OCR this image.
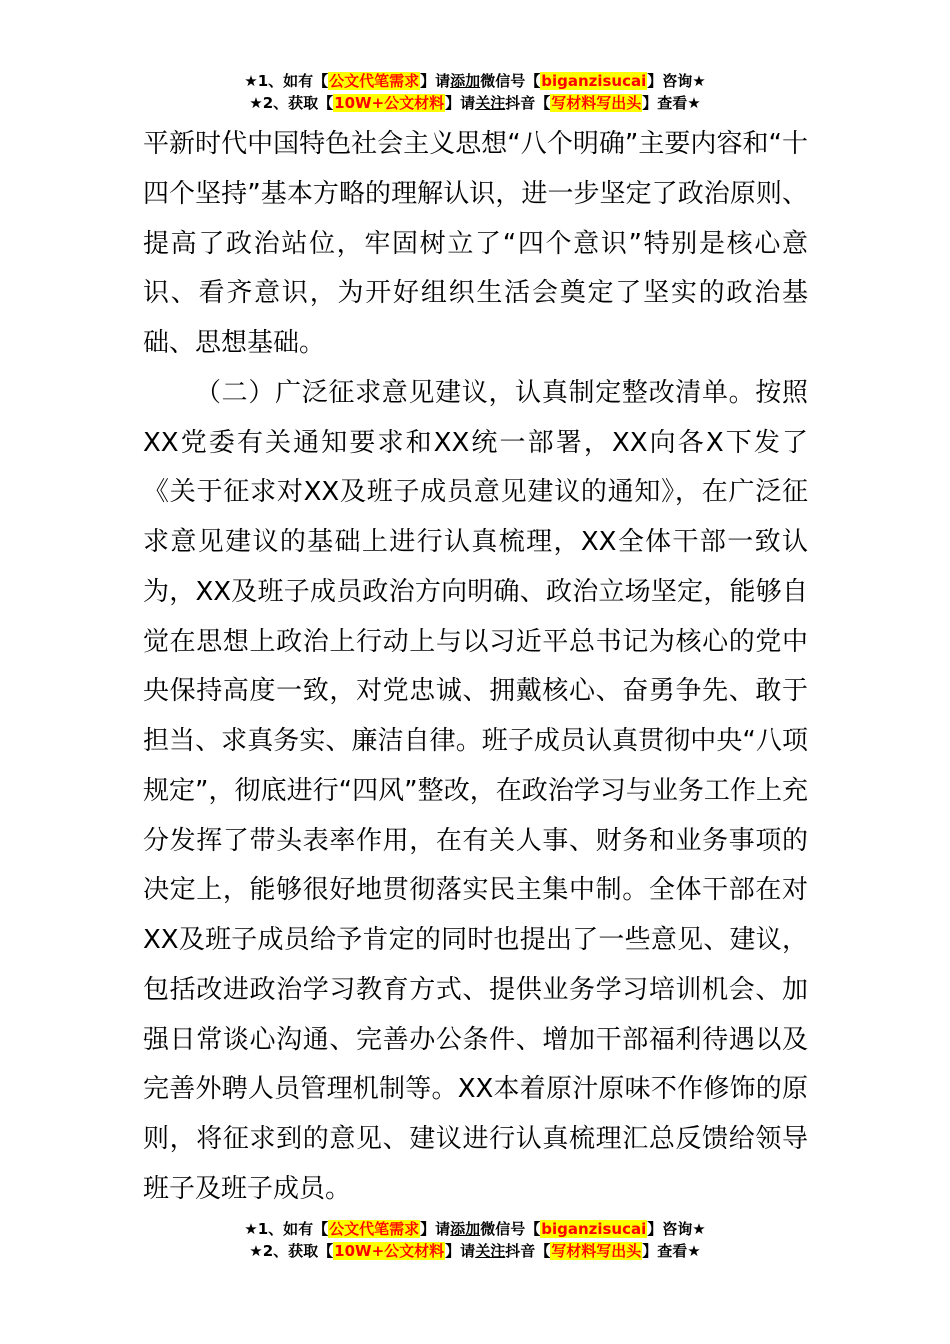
★1、如有【公文代笔需求】请添加微信号【biganzisucai】咨询★
★2、获取【10W+公文材料】请关注抖音【写材料写出头】查看★

平新时代中国特色社会主义思想“八个明确”主要内容和“十四个坚持”基本方略的理解认识，进一步坚定了政治原则、提高了政治站位，牢固树立了“四个意识”特别是核心意识、看齐意识，为开好组织生活会奠定了坚实的政治基础、思想基础。

（二）广泛征求意见建议，认真制定整改清单。按照XX党委有关通知要求和XX统一部署，XX向各X下发了《关于征求对XX及班子成员意见建议的通知》，在广泛征求意见建议的基础上进行认真梳理，XX全体干部一致认为，XX及班子成员政治方向明确、政治立场坚定，能够自觉在思想上政治上行动上与以习近平总书记为核心的党中央保持高度一致，对党忠诚、拥戴核心、奋勇争先、敢于担当、求真务实、廉洁自律。班子成员认真贯彻中央“八项规定”，彻底进行“四风”整改，在政治学习与业务工作上充分发挥了带头表率作用，在有关人事、财务和业务事项的决定上，能够很好地贯彻落实民主集中制。全体干部在对XX及班子成员给予肯定的同时也提出了一些意见、建议，包括改进政治学习教育方式、提供业务学习培训机会、加强日常谈心沟通、完善办公条件、增加干部福利待遇以及完善外聘人员管理机制等。XX本着原汁原味不作修饰的原则，将征求到的意见、建议进行认真梳理汇总反馈给领导班子及班子成员。

★1、如有【公文代笔需求】请添加微信号【biganzisucai】咨询★
★2、获取【10W+公文材料】请关注抖音【写材料写出头】查看★
